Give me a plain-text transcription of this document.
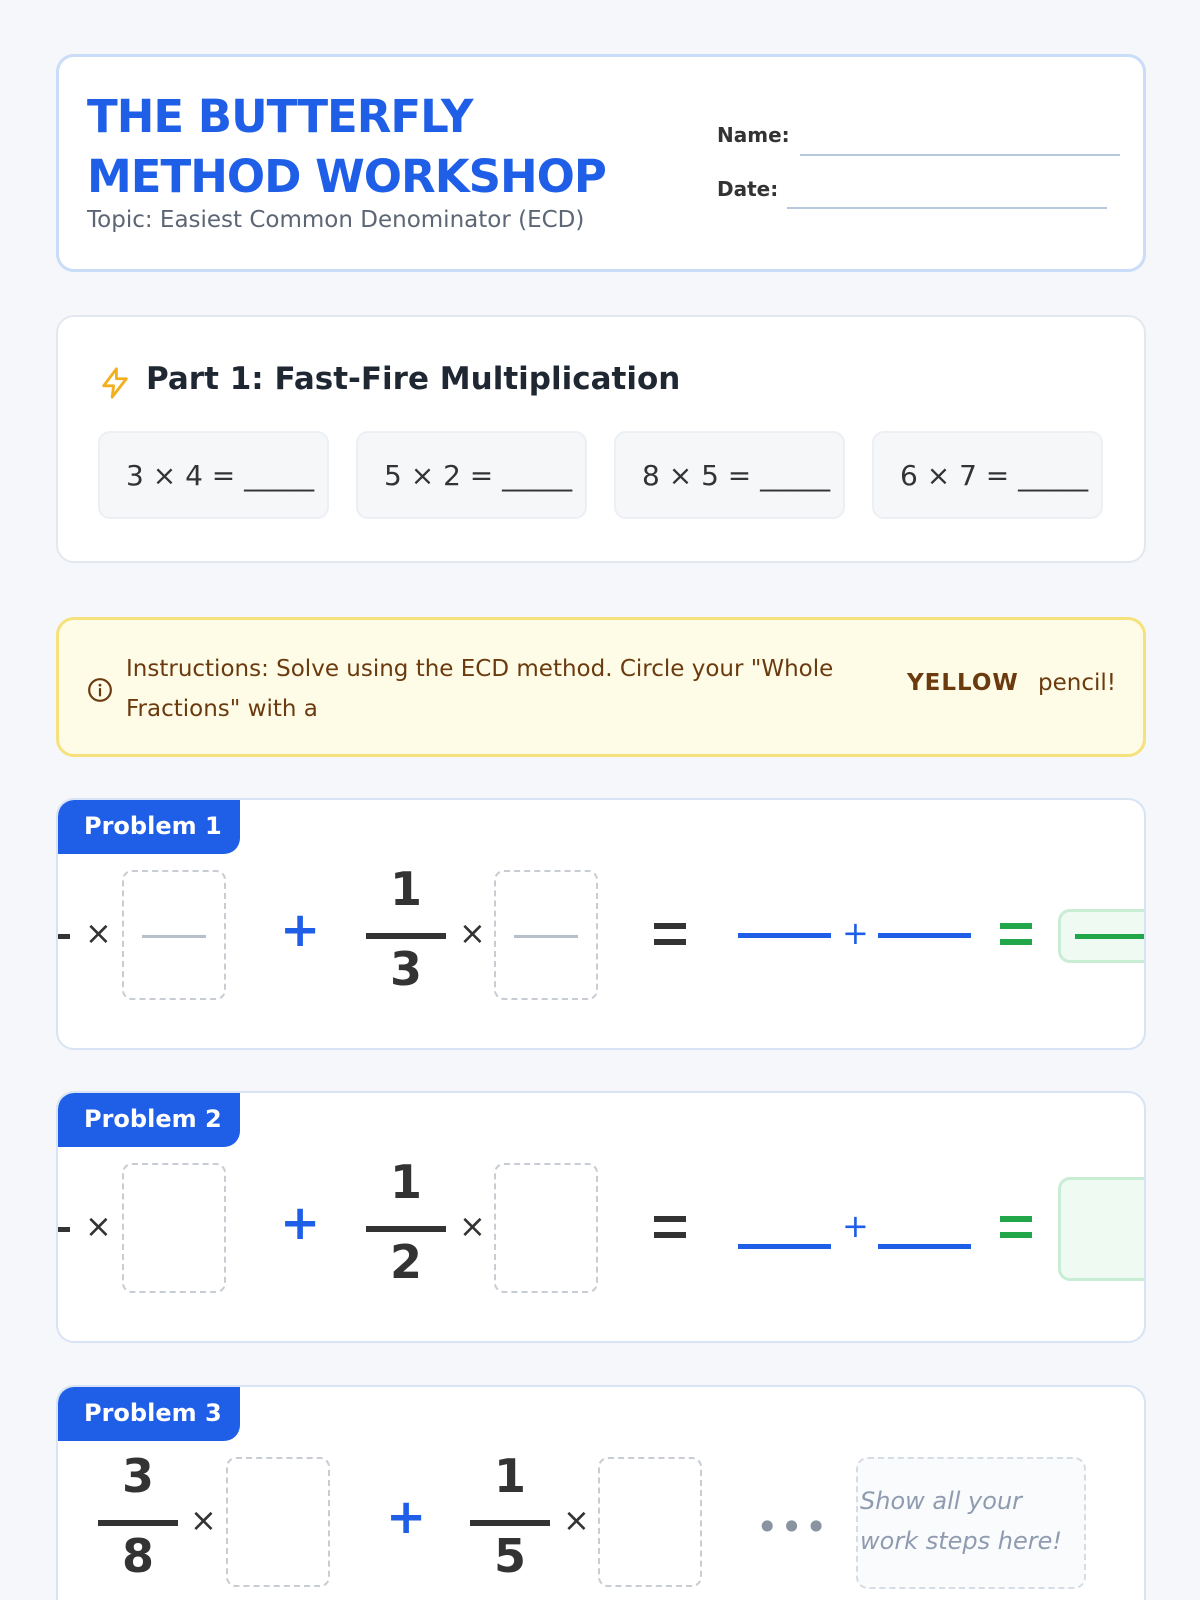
THE BUTTERFLY
METHOD WORKSHOP
Topic: Easiest Common Denominator (ECD)
Name:
Date:
Part 1: Fast-Fire Multiplication
3 × 4 = _____	5 × 2 = _____	8 × 5 = _____	6 × 7 = _____
Instructions: Solve using the ECD method. Circle your "Whole Fractions" with a
YELLOW pencil!
Problem 1
×	+
1
3
×	+
Problem 2
×	+
1
2
×	+
Problem 3
3
8
×	+
1
5
×	•••
Show all your work steps here!
